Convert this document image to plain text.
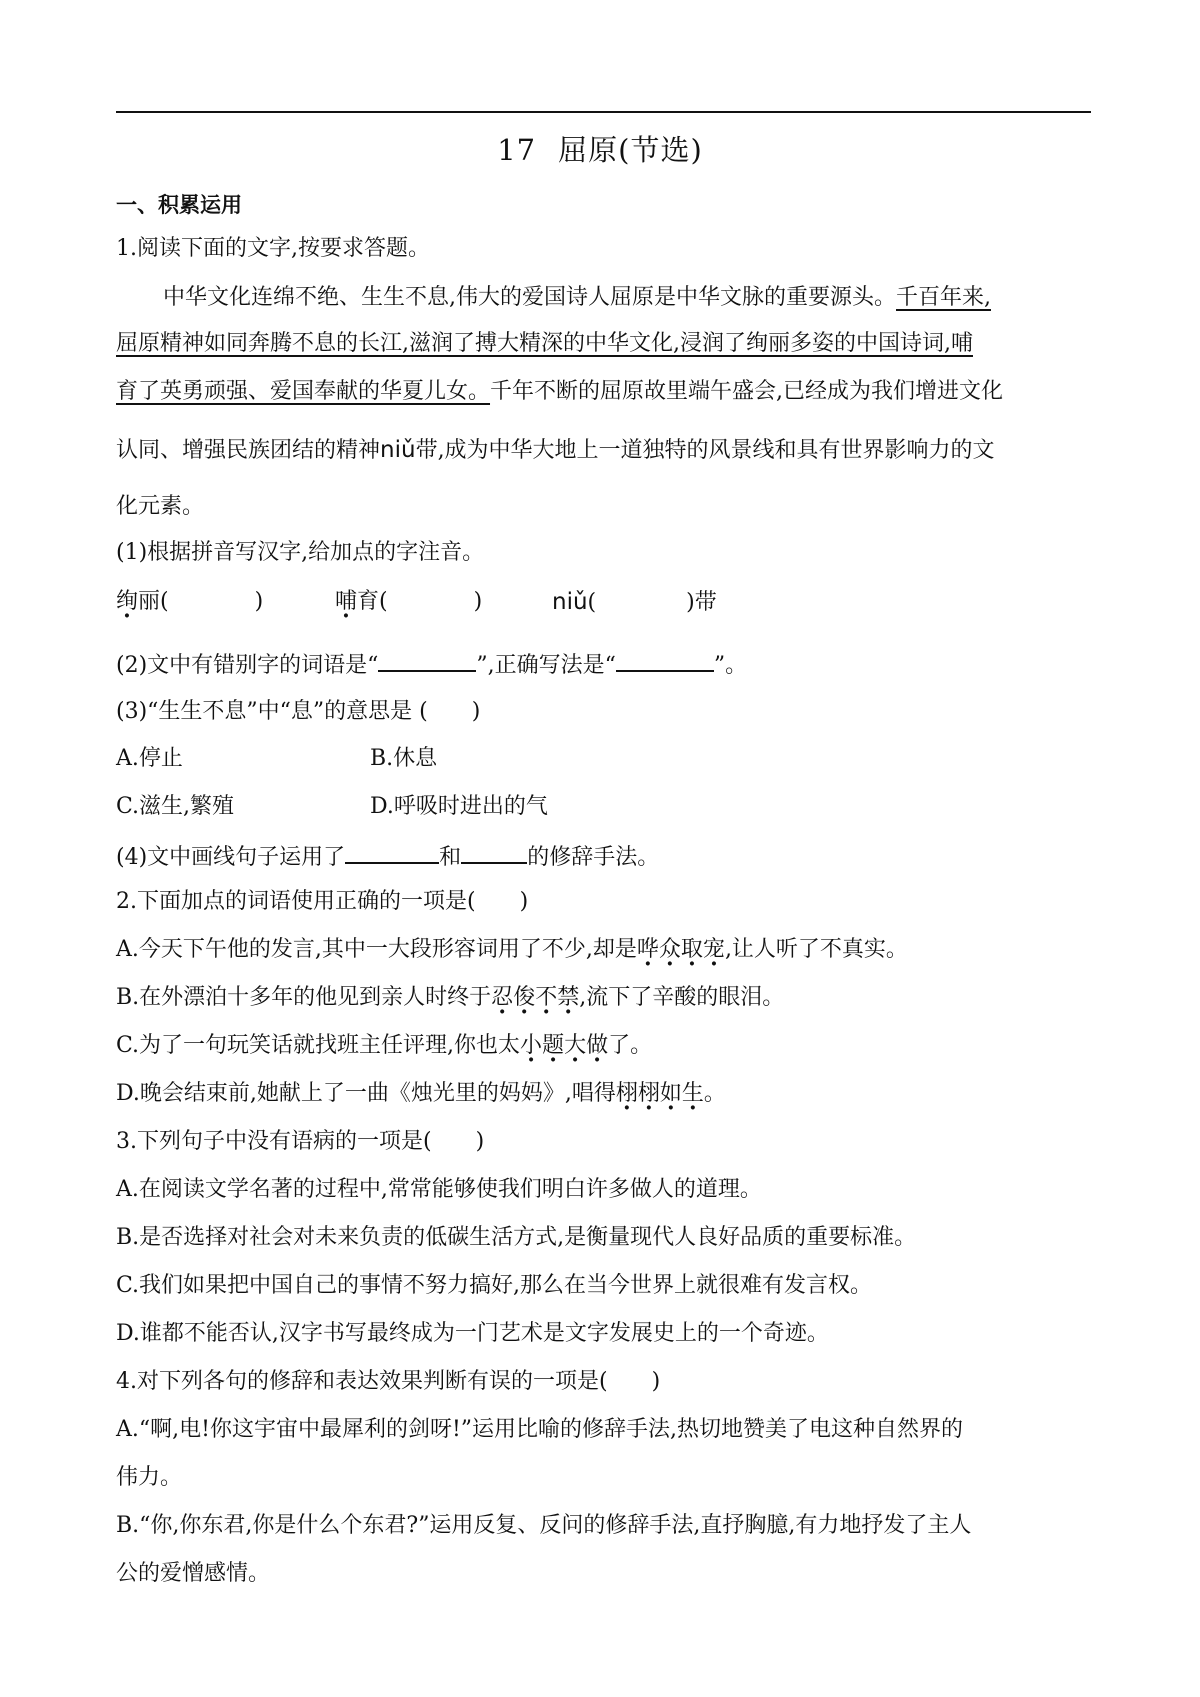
17 屈原(节选)
一、积累运用
1.阅读下面的文字,按要求答题。
中华文化连绵不绝、生生不息,伟大的爱国诗人屈原是中华文脉的重要源头。千百年来,
屈原精神如同奔腾不息的长江,滋润了搏大精深的中华文化,浸润了绚丽多姿的中国诗词,哺
育了英勇顽强、爱国奉献的华夏儿女。千年不断的屈原故里端午盛会,已经成为我们增进文化
认同、增强民族团结的精神niǔ带,成为中华大地上一道独特的风景线和具有世界影响力的文
化元素。
(1)根据拼音写汉字,给加点的字注音。
绚丽(	)	哺育(	)	niǔ(	)带
(2)文中有错别字的词语是“	”,正确写法是“	”。
(3)“生生不息”中“息”的意思是 (　　)
A.停止	B.休息
C.滋生,繁殖	D.呼吸时进出的气
(4)文中画线句子运用了	和	的修辞手法。
2.下面加点的词语使用正确的一项是(　　)
A.今天下午他的发言,其中一大段形容词用了不少,却是哗众取宠,让人听了不真实。
B.在外漂泊十多年的他见到亲人时终于忍俊不禁,流下了辛酸的眼泪。
C.为了一句玩笑话就找班主任评理,你也太小题大做了。
D.晚会结束前,她献上了一曲《烛光里的妈妈》,唱得栩栩如生。
3.下列句子中没有语病的一项是(　　)
A.在阅读文学名著的过程中,常常能够使我们明白许多做人的道理。
B.是否选择对社会对未来负责的低碳生活方式,是衡量现代人良好品质的重要标准。
C.我们如果把中国自己的事情不努力搞好,那么在当今世界上就很难有发言权。
D.谁都不能否认,汉字书写最终成为一门艺术是文字发展史上的一个奇迹。
4.对下列各句的修辞和表达效果判断有误的一项是(　　)
A.“啊,电!你这宇宙中最犀利的剑呀!”运用比喻的修辞手法,热切地赞美了电这种自然界的
伟力。
B.“你,你东君,你是什么个东君?”运用反复、反问的修辞手法,直抒胸臆,有力地抒发了主人
公的爱憎感情。
